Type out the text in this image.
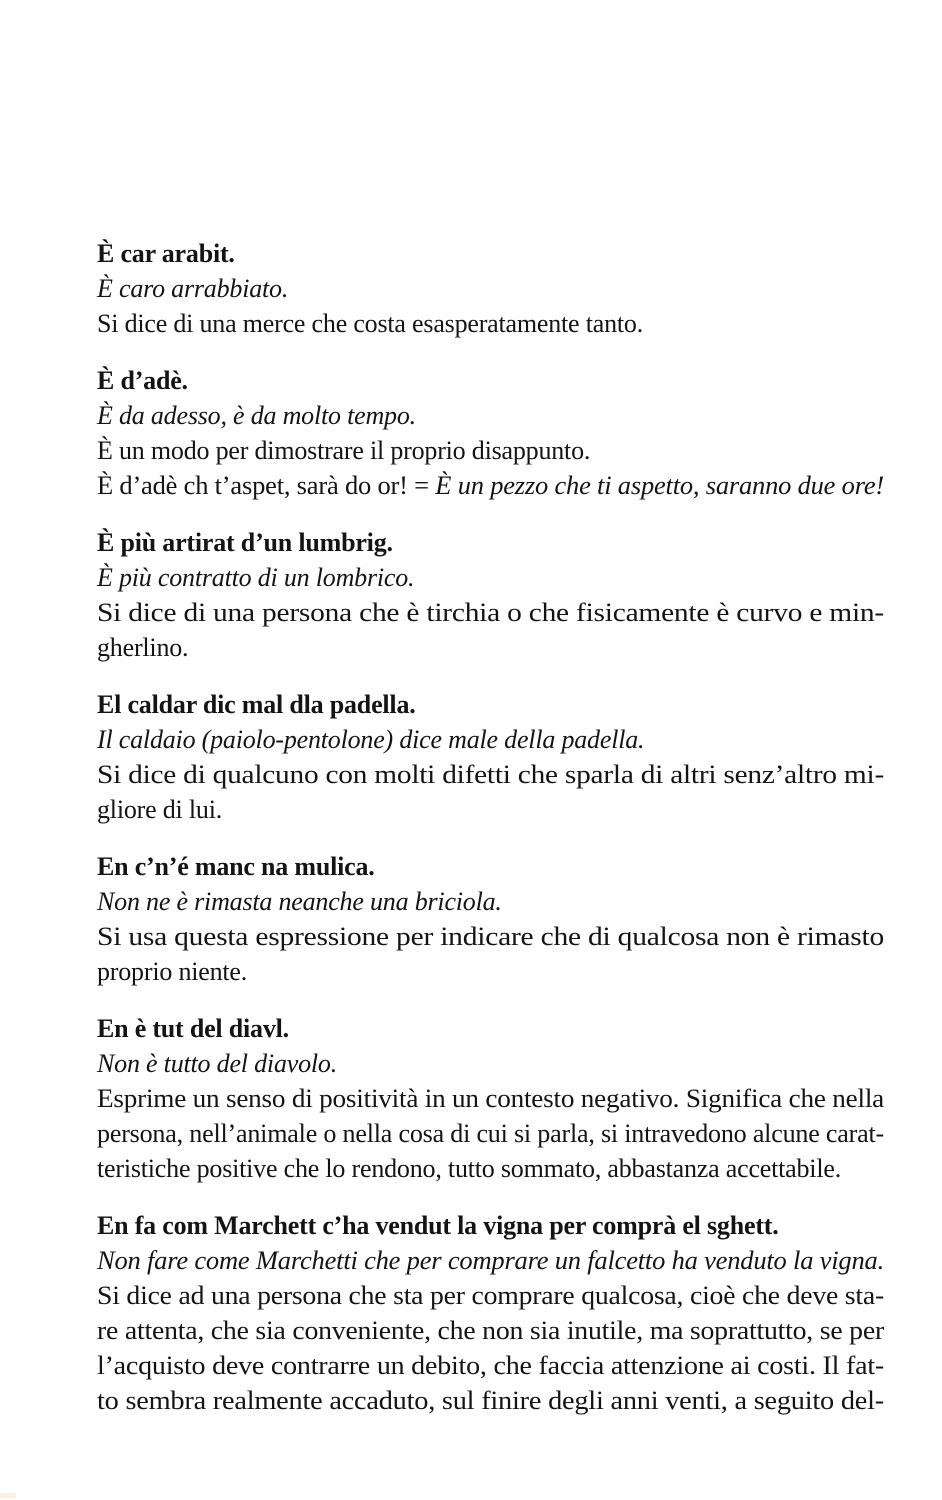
È car arabit.
È caro arrabbiato.
Si dice di una merce che costa esasperatamente tanto.
È d’adè.
È da adesso, è da molto tempo.
È un modo per dimostrare il proprio disappunto.
È d’adè ch t’aspet, sarà do or! = È un pezzo che ti aspetto, saranno due ore!
È più artirat d’un lumbrig.
È più contratto di un lombrico.
Si dice di una persona che è tirchia o che fisicamente è curvo e min-
gherlino.
El caldar dic mal dla padella.
Il caldaio (paiolo-pentolone) dice male della padella.
Si dice di qualcuno con molti difetti che sparla di altri senz’altro mi-
gliore di lui.
En c’n’é manc na mulica.
Non ne è rimasta neanche una briciola.
Si usa questa espressione per indicare che di qualcosa non è rimasto
proprio niente.
En è tut del diavl.
Non è tutto del diavolo.
Esprime un senso di positività in un contesto negativo. Significa che nella
persona, nell’animale o nella cosa di cui si parla, si intravedono alcune carat-
teristiche positive che lo rendono, tutto sommato, abbastanza accettabile.
En fa com Marchett c’ha vendut la vigna per comprà el sghett.
Non fare come Marchetti che per comprare un falcetto ha venduto la vigna.
Si dice ad una persona che sta per comprare qualcosa, cioè che deve sta-
re attenta, che sia conveniente, che non sia inutile, ma soprattutto, se per
l’acquisto deve contrarre un debito, che faccia attenzione ai costi. Il fat-
to sembra realmente accaduto, sul finire degli anni venti, a seguito del-
